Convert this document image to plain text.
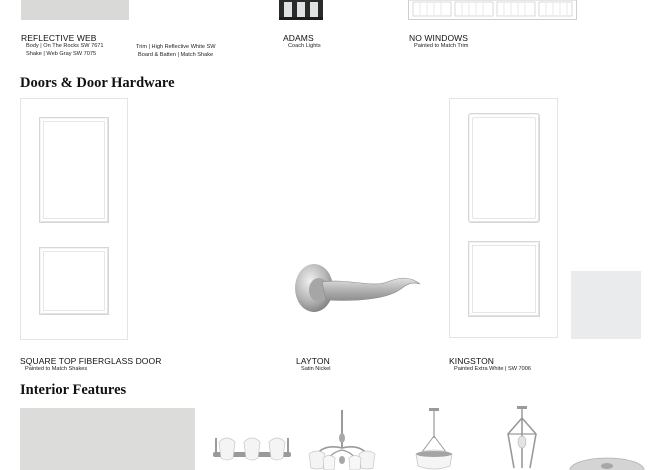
REFLECTIVE WEB
Body | On The Rocks SW 7671
Shake | Web Gray SW 7075
Trim | High Reflective White SW
Board & Batten | Match Shake
ADAMS
Coach Lights
NO WINDOWS
Painted to Match Trim
Doors & Door Hardware
SQUARE TOP FIBERGLASS DOOR
Painted to Match Shakes
LAYTON
Satin Nickel
KINGSTON
Painted Extra White | SW 7006
Interior Features
